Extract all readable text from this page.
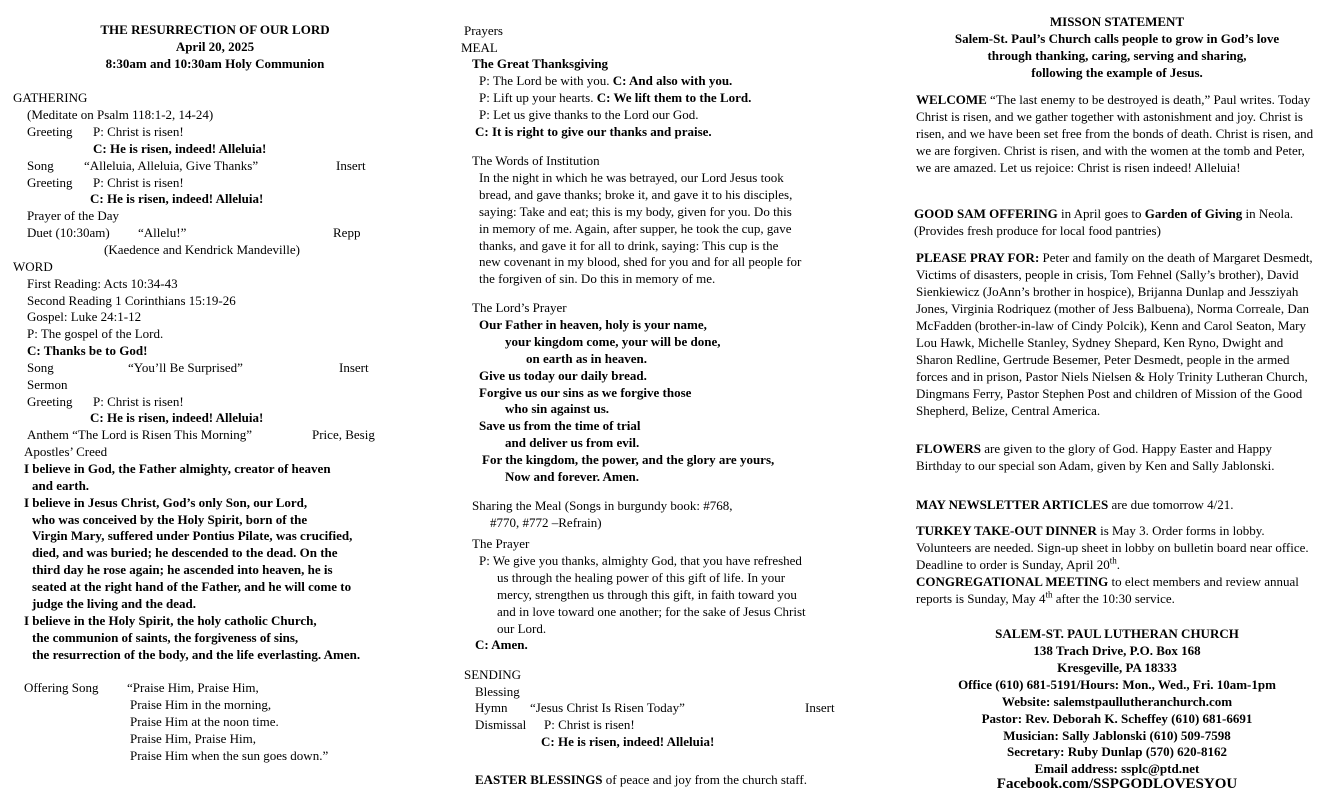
THE RESURRECTION OF OUR LORD
April 20, 2025
8:30am and 10:30am Holy Communion
GATHERING
(Meditate on Psalm 118:1-2, 14-24)
Greeting P: Christ is risen!
C: He is risen, indeed! Alleluia!
Song “Alleluia, Alleluia, Give Thanks”	Insert
Greeting P: Christ is risen!
C: He is risen, indeed! Alleluia!
Prayer of the Day
Duet (10:30am) “Allelu!”	Repp
(Kaedence and Kendrick Mandeville)
WORD
First Reading: Acts 10:34-43
Second Reading 1 Corinthians 15:19-26
Gospel: Luke 24:1-12
P: The gospel of the Lord.
C: Thanks be to God!
Song	“You’ll Be Surprised”	Insert
Sermon
Greeting P: Christ is risen!
C: He is risen, indeed! Alleluia!
Anthem “The Lord is Risen This Morning”	Price, Besig
Apostles’ Creed
I believe in God, the Father almighty, creator of heaven
and earth.
I believe in Jesus Christ, God’s only Son, our Lord,
who was conceived by the Holy Spirit, born of the
Virgin Mary, suffered under Pontius Pilate, was crucified,
died, and was buried; he descended to the dead. On the
third day he rose again; he ascended into heaven, he is
seated at the right hand of the Father, and he will come to
judge the living and the dead.
I believe in the Holy Spirit, the holy catholic Church,
the communion of saints, the forgiveness of sins,
the resurrection of the body, and the life everlasting. Amen.
Offering Song “Praise Him, Praise Him,
Praise Him in the morning,
Praise Him at the noon time.
Praise Him, Praise Him,
Praise Him when the sun goes down.”
Prayers
MEAL
The Great Thanksgiving
P: The Lord be with you. C: And also with you.
P: Lift up your hearts. C: We lift them to the Lord.
P: Let us give thanks to the Lord our God.
C: It is right to give our thanks and praise.
The Words of Institution
In the night in which he was betrayed, our Lord Jesus took
bread, and gave thanks; broke it, and gave it to his disciples,
saying: Take and eat; this is my body, given for you. Do this
in memory of me. Again, after supper, he took the cup, gave
thanks, and gave it for all to drink, saying: This cup is the
new covenant in my blood, shed for you and for all people for
the forgiven of sin. Do this in memory of me.
The Lord’s Prayer
Our Father in heaven, holy is your name,
your kingdom come, your will be done,
on earth as in heaven.
Give us today our daily bread.
Forgive us our sins as we forgive those
who sin against us.
Save us from the time of trial
and deliver us from evil.
For the kingdom, the power, and the glory are yours,
Now and forever. Amen.
Sharing the Meal (Songs in burgundy book: #768,
#770, #772 –Refrain)
The Prayer
P: We give you thanks, almighty God, that you have refreshed
us through the healing power of this gift of life. In your
mercy, strengthen us through this gift, in faith toward you
and in love toward one another; for the sake of Jesus Christ
our Lord.
C: Amen.
SENDING
Blessing
Hymn “Jesus Christ Is Risen Today”	Insert
Dismissal P: Christ is risen!
C: He is risen, indeed! Alleluia!
EASTER BLESSINGS of peace and joy from the church staff.
MISSON STATEMENT
Salem-St. Paul’s Church calls people to grow in God’s love
through thanking, caring, serving and sharing,
following the example of Jesus.

WELCOME “The last enemy to be destroyed is death,” Paul writes. Today Christ is risen, and we gather together with astonishment and joy. Christ is risen, and we have been set free from the bonds of death. Christ is risen, and we are forgiven. Christ is risen, and with the women at the tomb and Peter, we are amazed. Let us rejoice: Christ is risen indeed! Alleluia!

GOOD SAM OFFERING in April goes to Garden of Giving in Neola. (Provides fresh produce for local food pantries)

PLEASE PRAY FOR: Peter and family on the death of Margaret Desmedt, Victims of disasters, people in crisis, Tom Fehnel (Sally’s brother), David Sienkiewicz (JoAnn’s brother in hospice), Brijanna Dunlap and Jessziyah Jones, Virginia Rodriquez (mother of Jess Balbuena), Norma Correale, Dan McFadden (brother-in-law of Cindy Polcik), Kenn and Carol Seaton, Mary Lou Hawk, Michelle Stanley, Sydney Shepard, Ken Ryno, Dwight and Sharon Redline, Gertrude Besemer, Peter Desmedt, people in the armed forces and in prison, Pastor Niels Nielsen & Holy Trinity Lutheran Church, Dingmans Ferry, Pastor Stephen Post and children of Mission of the Good Shepherd, Belize, Central America.

FLOWERS are given to the glory of God. Happy Easter and Happy Birthday to our special son Adam, given by Ken and Sally Jablonski.

MAY NEWSLETTER ARTICLES are due tomorrow 4/21.

TURKEY TAKE-OUT DINNER is May 3. Order forms in lobby. Volunteers are needed. Sign-up sheet in lobby on bulletin board near office. Deadline to order is Sunday, April 20th.

CONGREGATIONAL MEETING to elect members and review annual reports is Sunday, May 4th after the 10:30 service.

SALEM-ST. PAUL LUTHERAN CHURCH
138 Trach Drive, P.O. Box 168
Kresgeville, PA 18333
Office (610) 681-5191/Hours: Mon., Wed., Fri. 10am-1pm
Website: salemstpaullutheranchurch.com
Pastor: Rev. Deborah K. Scheffey (610) 681-6691
Musician: Sally Jablonski (610) 509-7598
Secretary: Ruby Dunlap (570) 620-8162
Email address: ssplc@ptd.net
Facebook.com/SSPGODLOVESYOU
